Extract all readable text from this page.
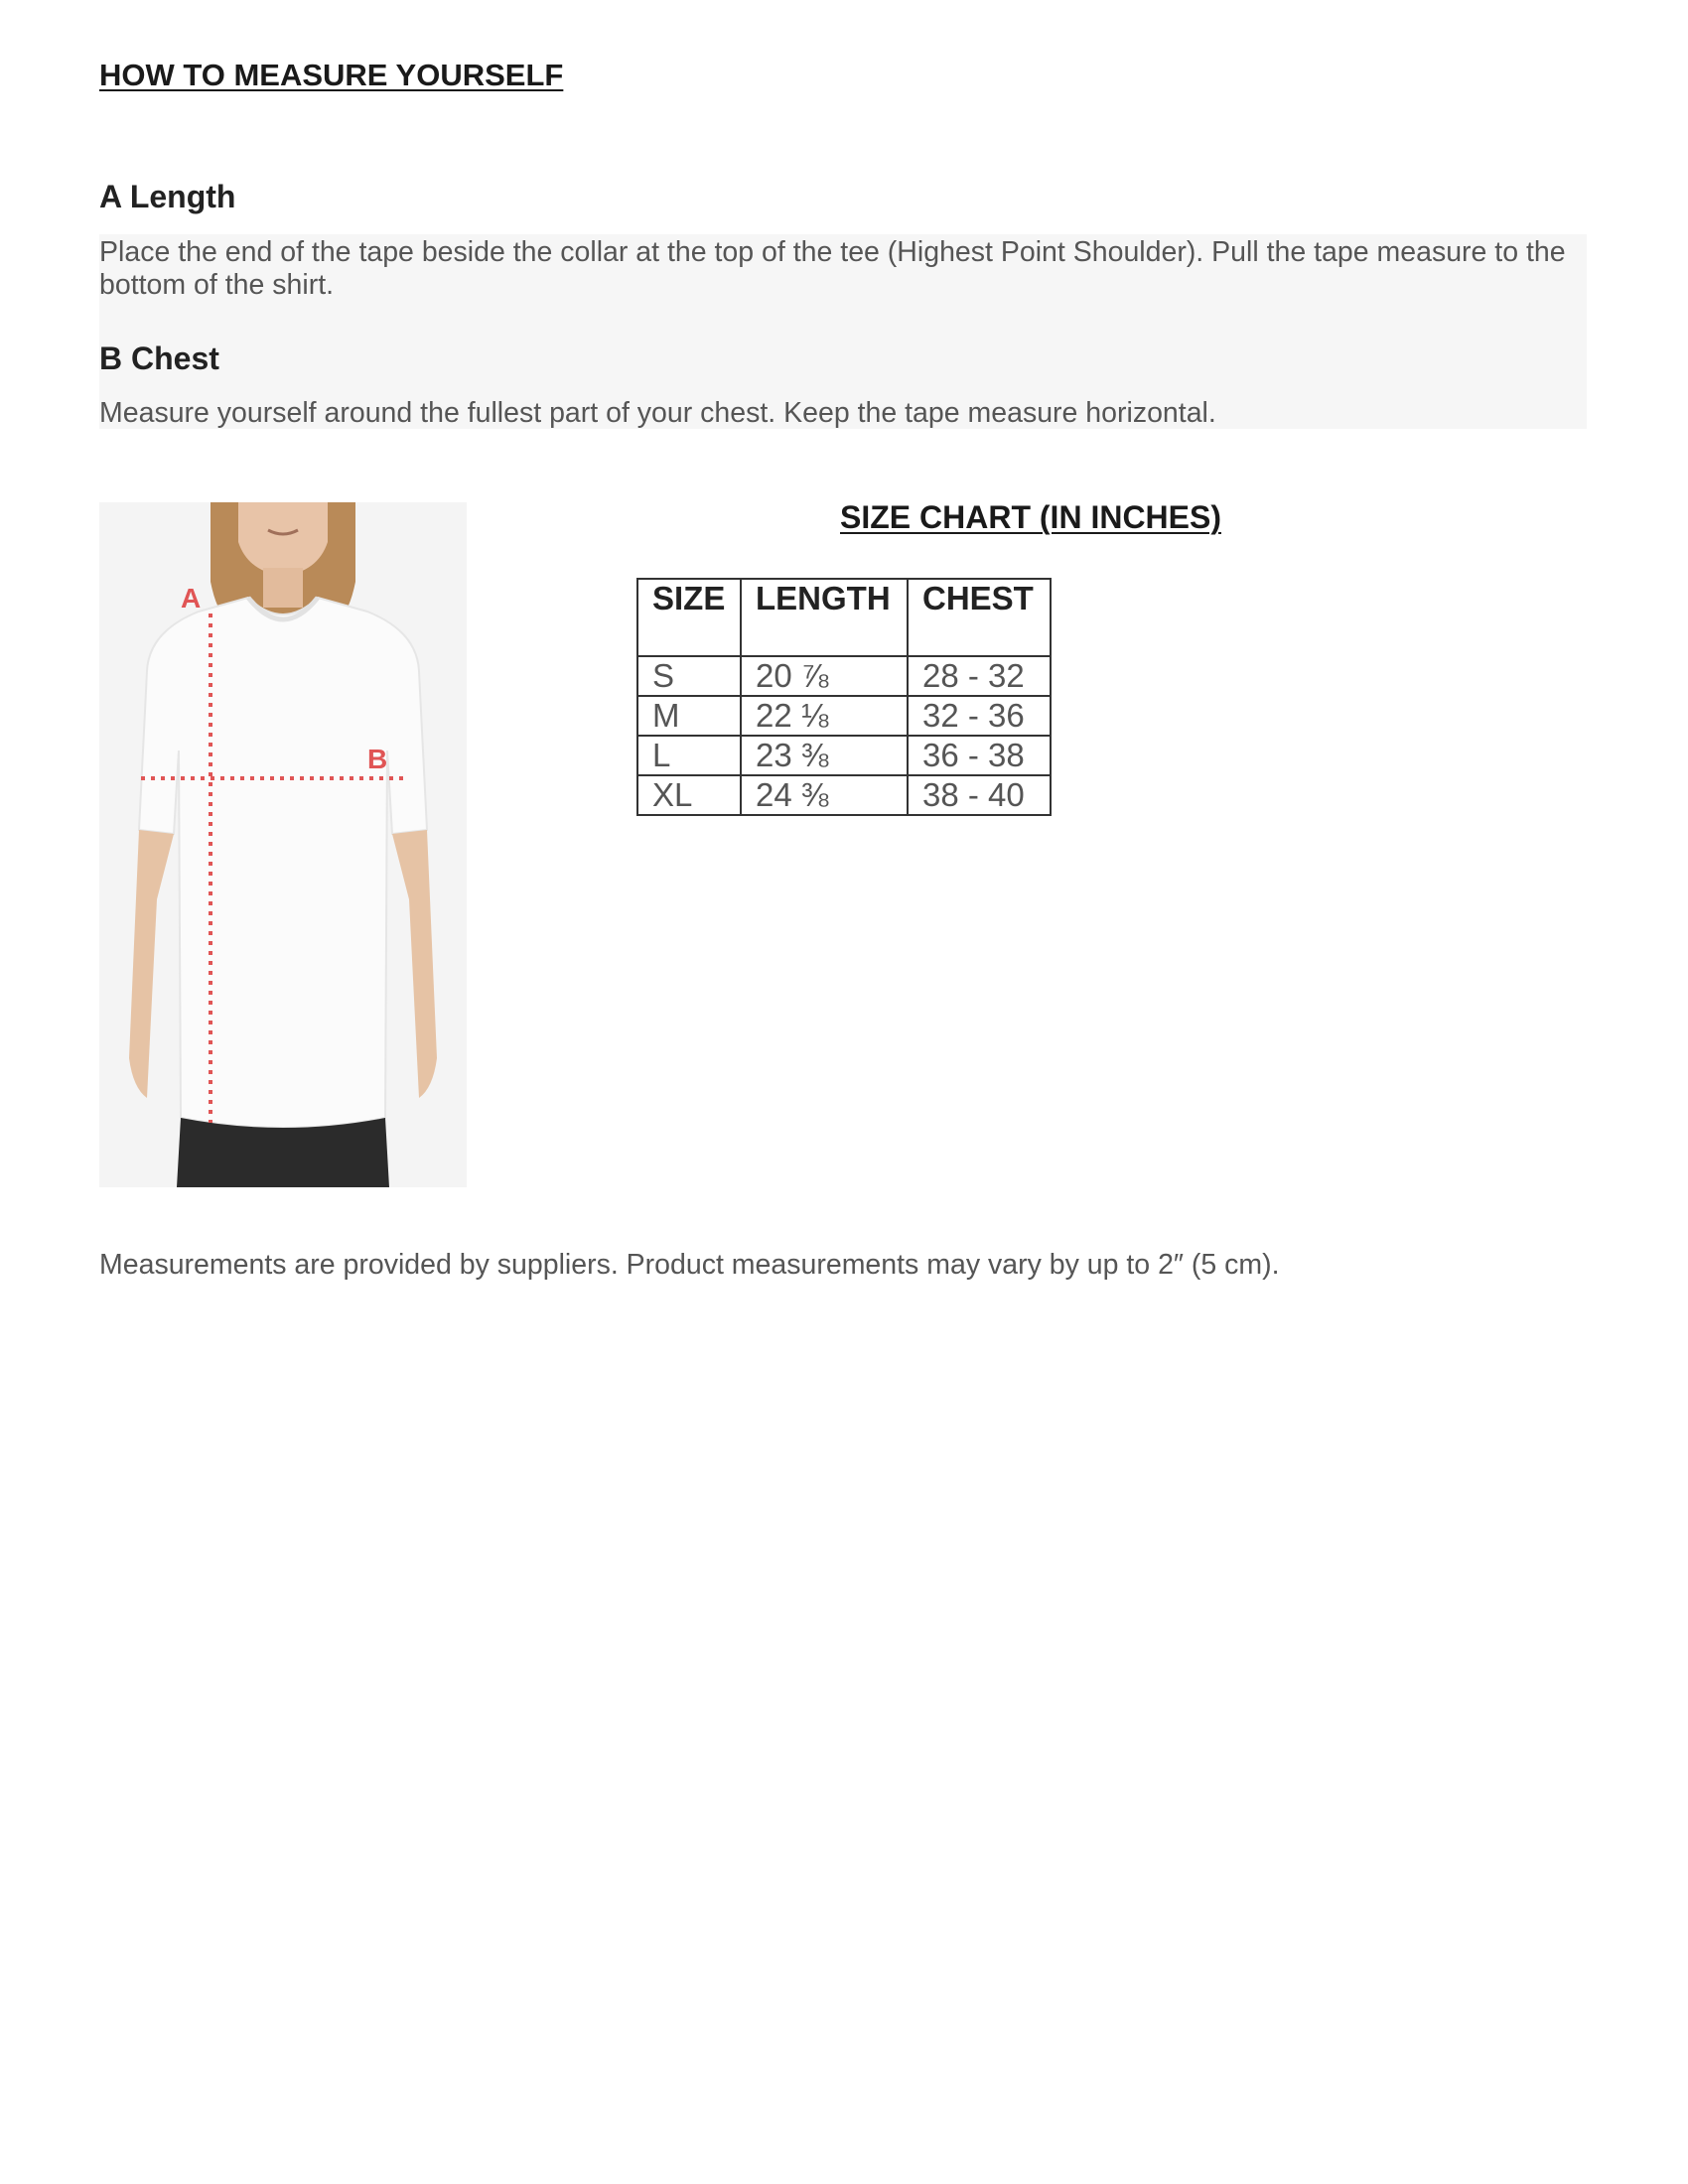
HOW TO MEASURE YOURSELF
A Length

Place the end of the tape beside the collar at the top of the tee (Highest Point Shoulder). Pull the tape measure to the bottom of the shirt.

B Chest

Measure yourself around the fullest part of your chest. Keep the tape measure horizontal.

A
B
SIZE CHART (IN INCHES)
SIZE	LENGTH	CHEST
S	20 ⅞	28 - 32
M	22 ⅛	32 - 36
L	23 ⅜	36 - 38
XL	24 ⅜	38 - 40

Measurements are provided by suppliers. Product measurements may vary by up to 2″ (5 cm).
